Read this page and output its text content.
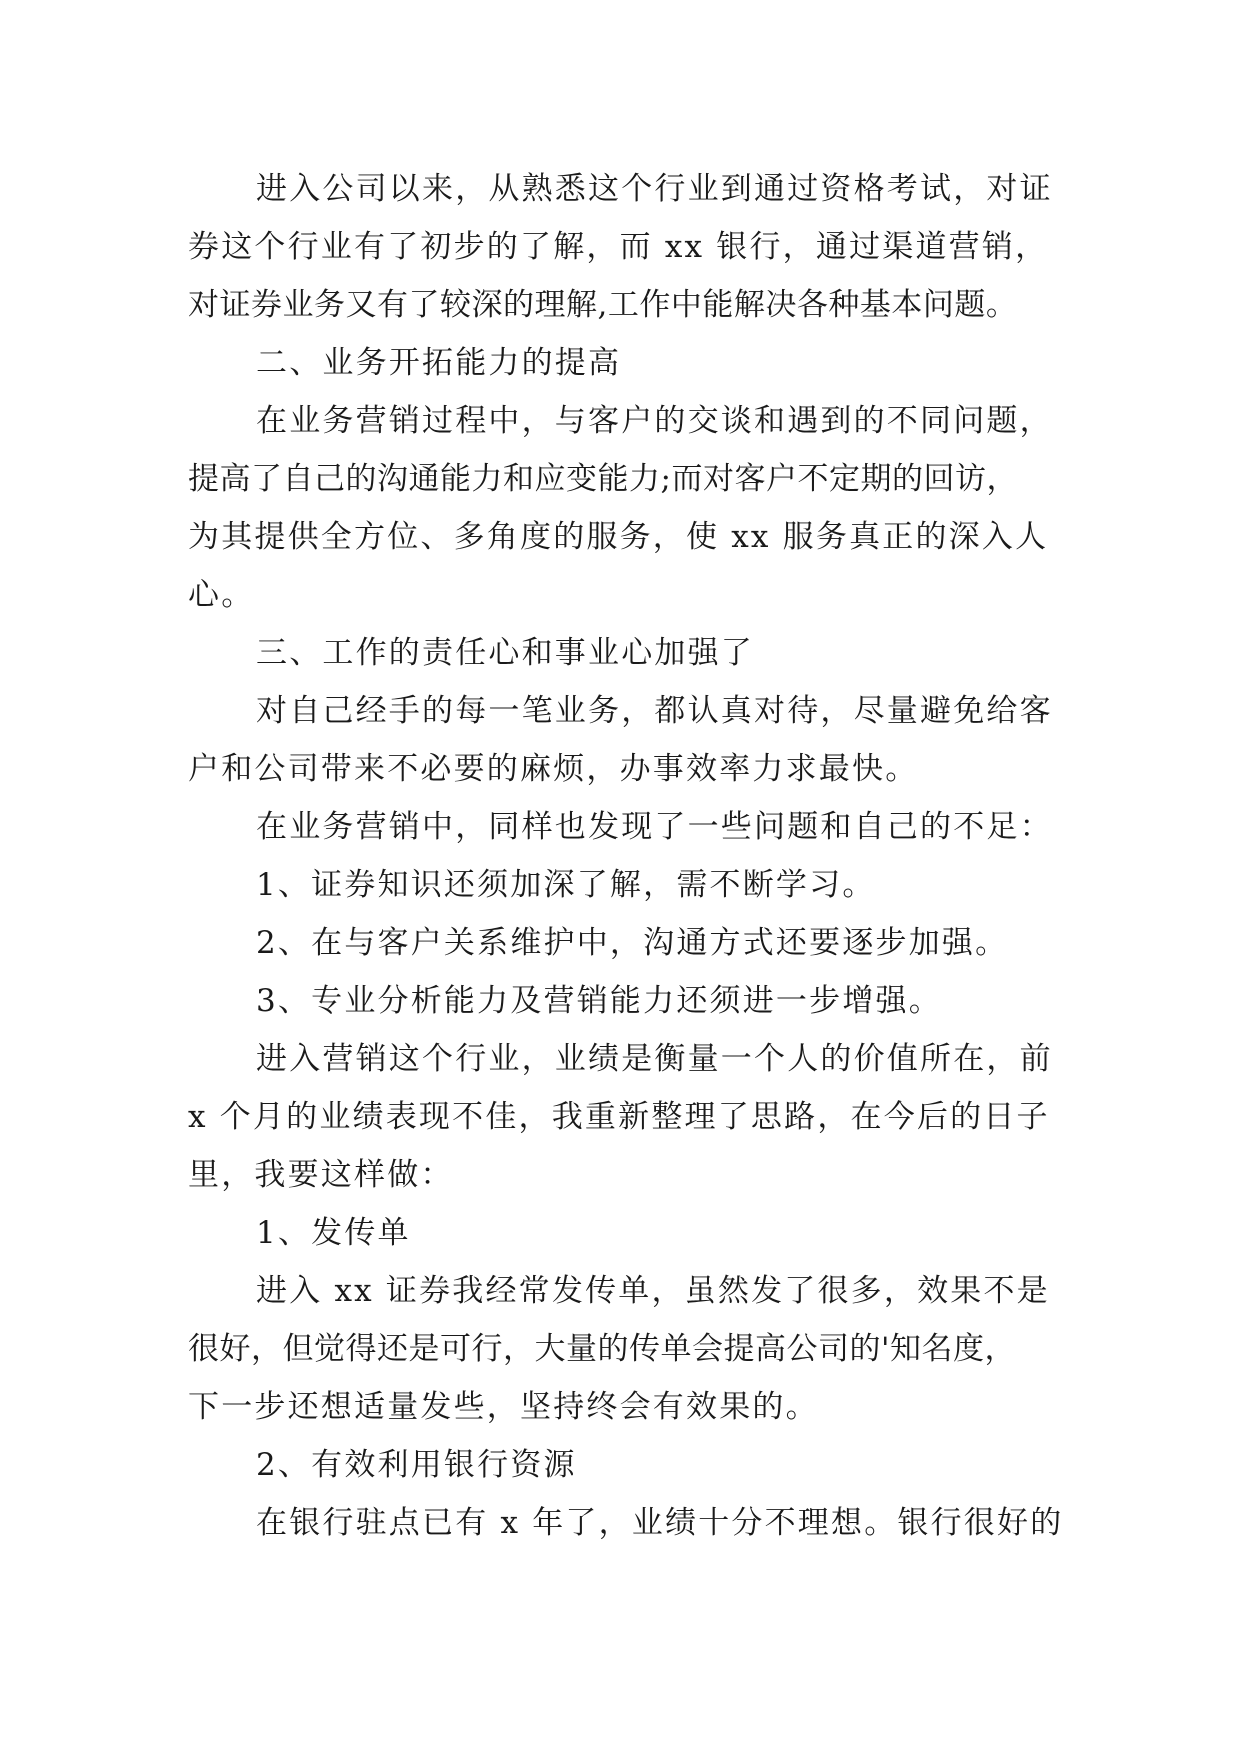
进入公司以来，从熟悉这个行业到通过资格考试，对证
券这个行业有了初步的了解，而 xx 银行，通过渠道营销，
对证券业务又有了较深的理解,工作中能解决各种基本问题。
二、业务开拓能力的提高
在业务营销过程中，与客户的交谈和遇到的不同问题，
提高了自己的沟通能力和应变能力;而对客户不定期的回访，
为其提供全方位、多角度的服务，使 xx 服务真正的深入人
心。
三、工作的责任心和事业心加强了
对自己经手的每一笔业务，都认真对待，尽量避免给客
户和公司带来不必要的麻烦，办事效率力求最快。
在业务营销中，同样也发现了一些问题和自己的不足：
1、证券知识还须加深了解，需不断学习。
2、在与客户关系维护中，沟通方式还要逐步加强。
3、专业分析能力及营销能力还须进一步增强。
进入营销这个行业，业绩是衡量一个人的价值所在，前
x 个月的业绩表现不佳，我重新整理了思路，在今后的日子
里，我要这样做：
1、发传单
进入 xx 证券我经常发传单，虽然发了很多，效果不是
很好，但觉得还是可行，大量的传单会提高公司的'知名度，
下一步还想适量发些，坚持终会有效果的。
2、有效利用银行资源
在银行驻点已有 x 年了，业绩十分不理想。银行很好的
